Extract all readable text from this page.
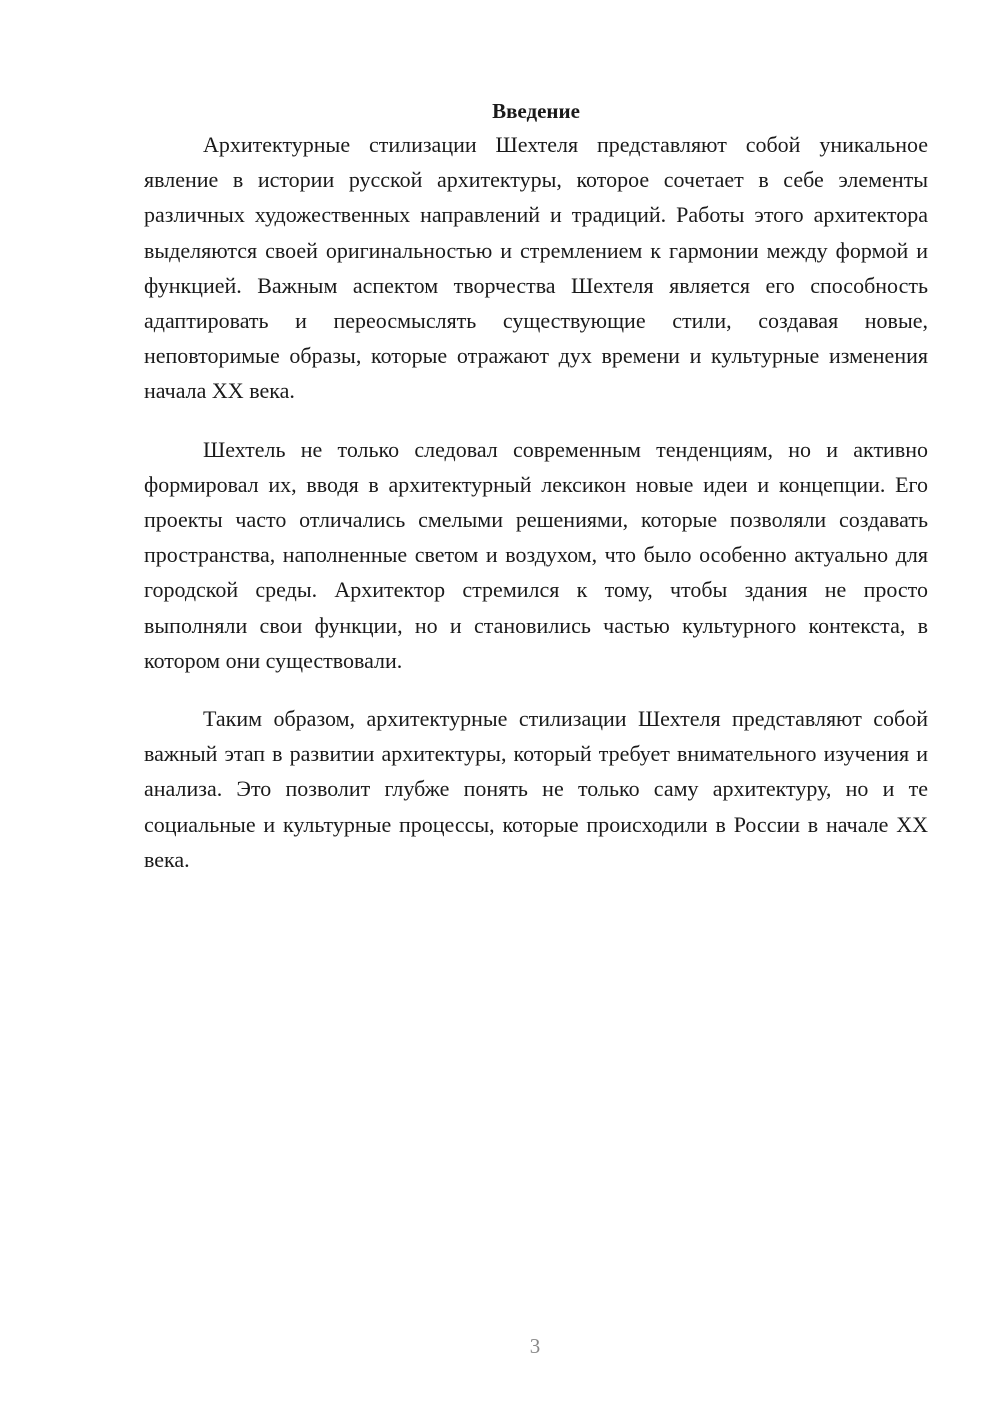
Введение

Архитектурные стилизации Шехтеля представляют собой уникальное явление в истории русской архитектуры, которое сочетает в себе элементы различных художественных направлений и традиций. Работы этого архитектора выделяются своей оригинальностью и стремлением к гармонии между формой и функцией. Важным аспектом творчества Шехтеля является его способность адаптировать и переосмыслять существующие стили, создавая новые, неповторимые образы, которые отражают дух времени и культурные изменения начала XX века.

Шехтель не только следовал современным тенденциям, но и активно формировал их, вводя в архитектурный лексикон новые идеи и концепции. Его проекты часто отличались смелыми решениями, которые позволяли создавать пространства, наполненные светом и воздухом, что было особенно актуально для городской среды. Архитектор стремился к тому, чтобы здания не просто выполняли свои функции, но и становились частью культурного контекста, в котором они существовали.

Таким образом, архитектурные стилизации Шехтеля представляют собой важный этап в развитии архитектуры, который требует внимательного изучения и анализа. Это позволит глубже понять не только саму архитектуру, но и те социальные и культурные процессы, которые происходили в России в начале XX века.

3
